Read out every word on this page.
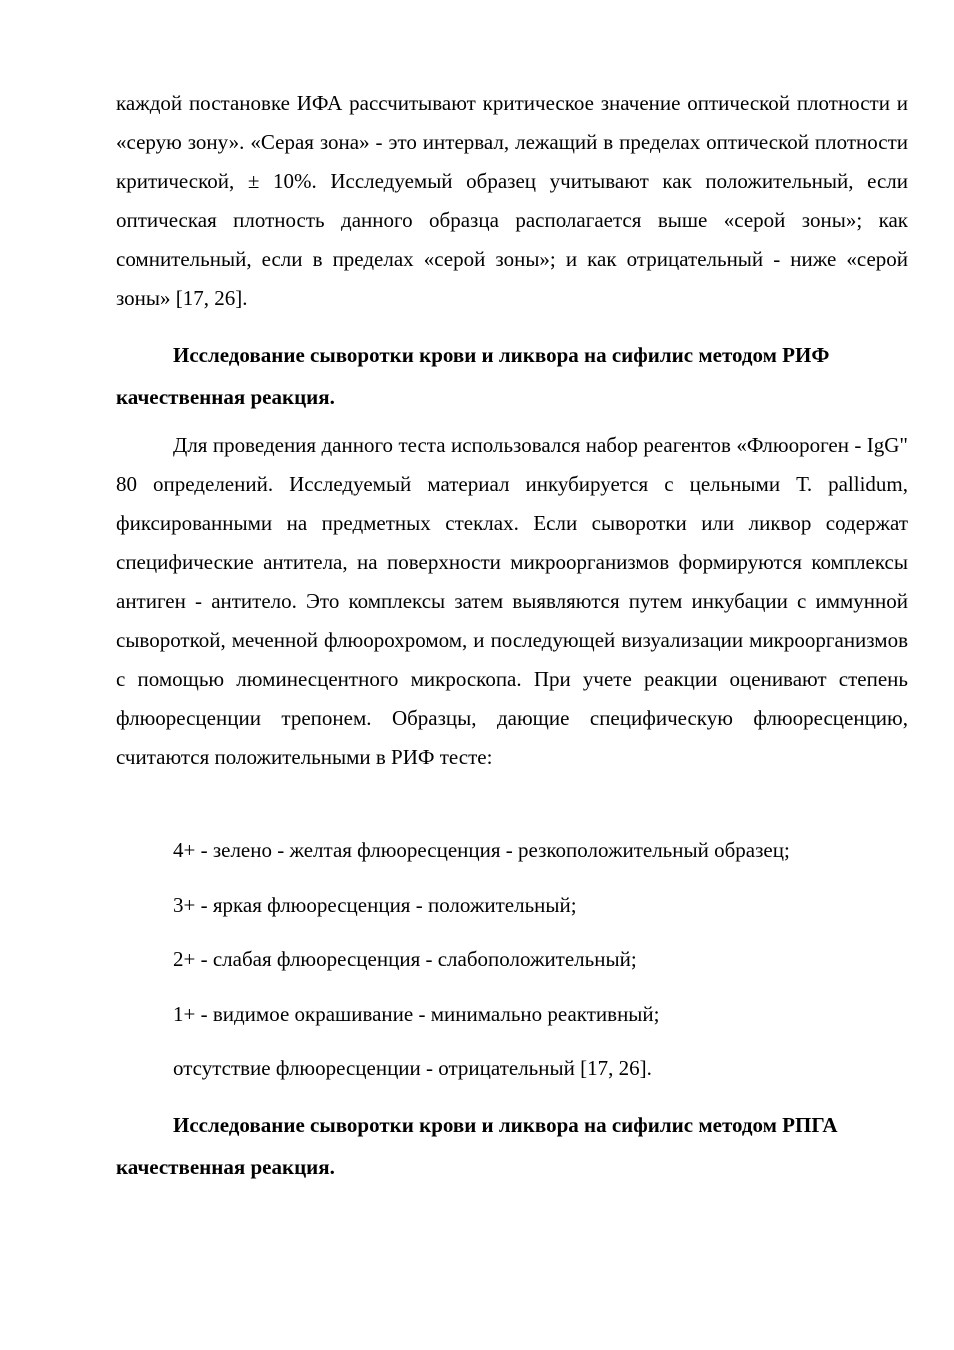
каждой постановке ИФА рассчитывают критическое значение оптической плотности и «серую зону». «Серая зона» - это интервал, лежащий в пределах оптической плотности критической, ± 10%. Исследуемый образец учитывают как положительный, если оптическая плотность данного образца располагается выше «серой зоны»; как сомнительный, если в пределах «серой зоны»; и как отрицательный - ниже «серой зоны» [17, 26].

Исследование сыворотки крови и ликвора на сифилис методом РИФ качественная реакция.

Для проведения данного теста использовался набор реагентов «Флюороген - IgG" 80 определений. Исследуемый материал инкубируется с цельными Т. pallidum, фиксированными на предметных стеклах. Если сыворотки или ликвор содержат специфические антитела, на поверхности микроорганизмов формируются комплексы антиген - антитело. Это комплексы затем выявляются путем инкубации с иммунной сывороткой, меченной флюорохромом, и последующей визуализации микроорганизмов с помощью люминесцентного микроскопа. При учете реакции оценивают степень флюоресценции трепонем. Образцы, дающие специфическую флюоресценцию, считаются положительными в РИФ тесте:

4+ - зелено - желтая флюоресценция - резкоположительный образец;

3+ - яркая флюоресценция - положительный;

2+ - слабая флюоресценция - слабоположительный;

1+ - видимое окрашивание - минимально реактивный;

отсутствие флюоресценции - отрицательный [17, 26].

Исследование сыворотки крови и ликвора на сифилис методом РПГА качественная реакция.
